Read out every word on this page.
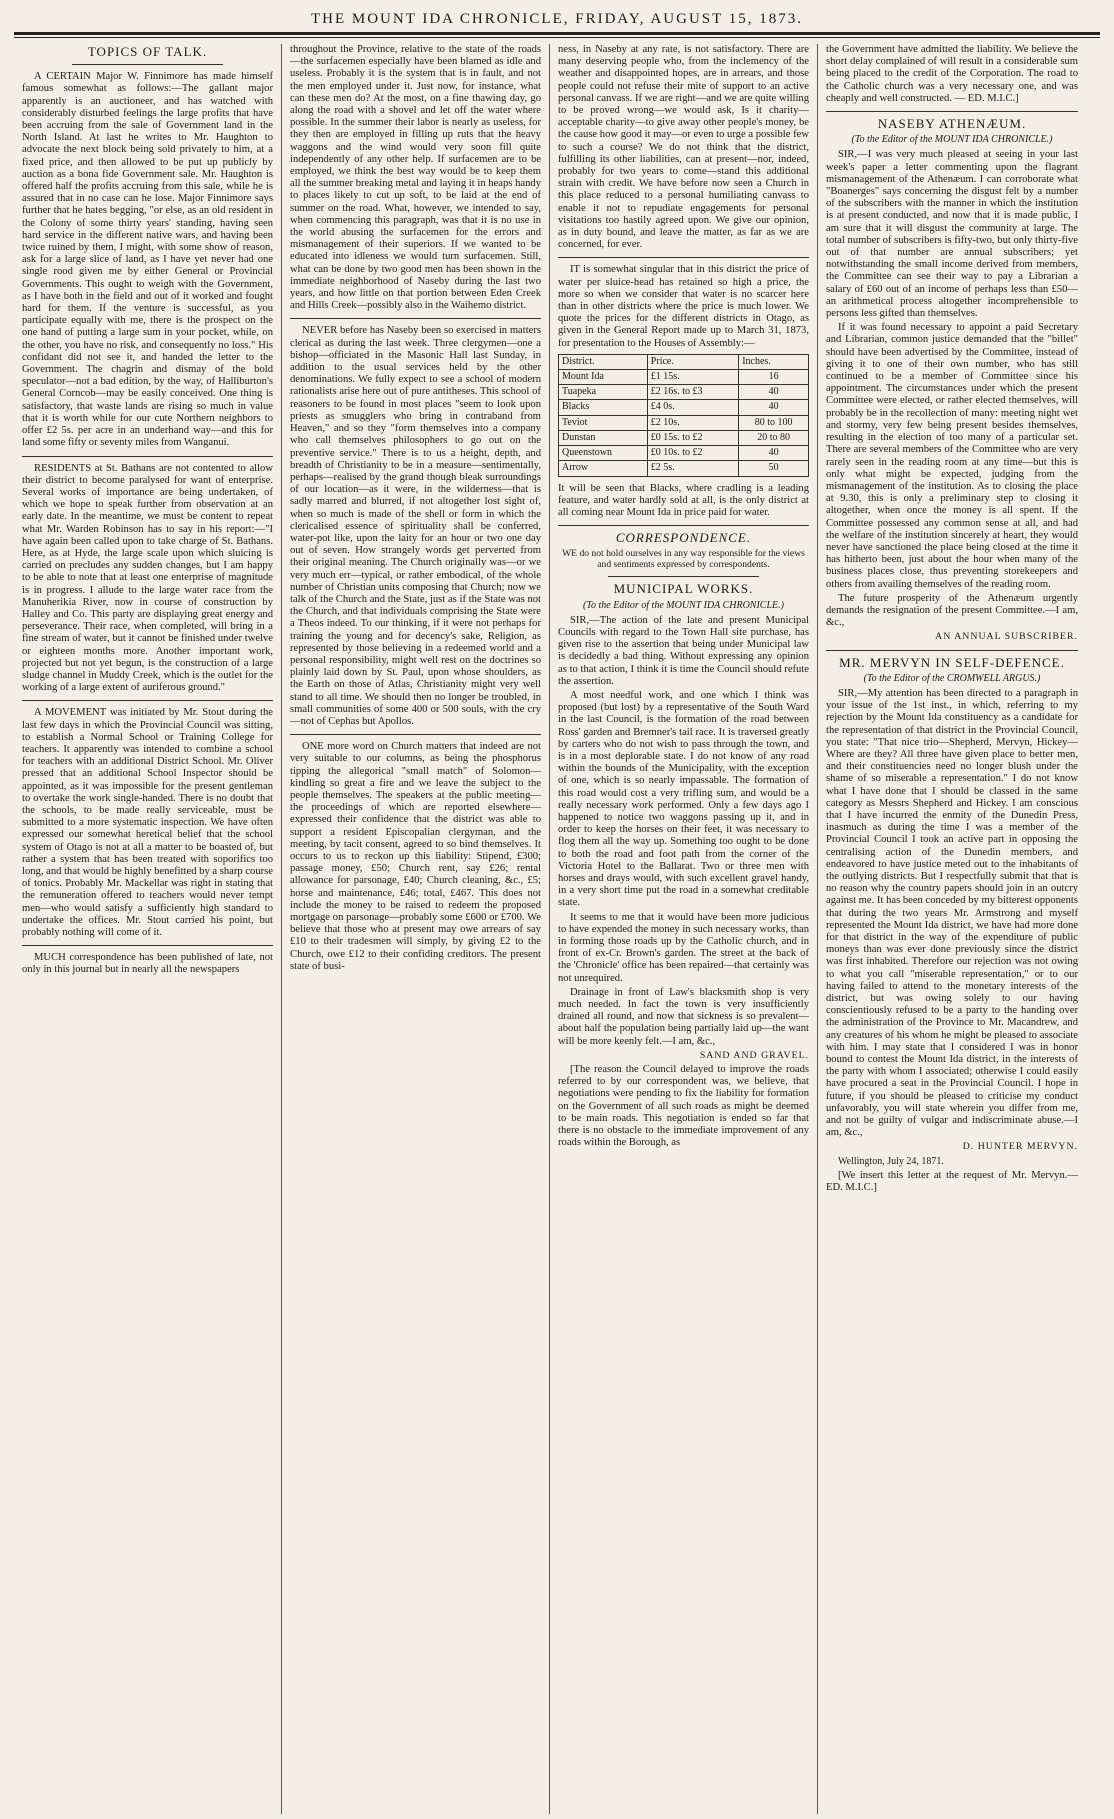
THE MOUNT IDA CHRONICLE, FRIDAY, AUGUST 15, 1873.
TOPICS OF TALK.

A CERTAIN Major W. Finnimore has made himself famous somewhat as follows:—The gallant major apparently is an auctioneer, and has watched with considerably disturbed feelings the large profits that have been accruing from the sale of Government land in the North Island. At last he writes to Mr. Haughton to advocate the next block being sold privately to him, at a fixed price, and then allowed to be put up publicly by auction as a bona fide Government sale. Mr. Haughton is offered half the profits accruing from this sale, while he is assured that in no case can he lose. Major Finnimore says further that he hates begging, "or else, as an old resident in the Colony of some thirty years' standing, having seen hard service in the different native wars, and having been twice ruined by them, I might, with some show of reason, ask for a large slice of land, as I have yet never had one single rood given me by either General or Provincial Governments. This ought to weigh with the Government, as I have both in the field and out of it worked and fought hard for them. If the venture is successful, as you participate equally with me, there is the prospect on the one hand of putting a large sum in your pocket, while, on the other, you have no risk, and consequently no loss." His confidant did not see it, and handed the letter to the Government. The chagrin and dismay of the bold speculator—not a bad edition, by the way, of Halliburton's General Corncob—may be easily conceived. One thing is satisfactory, that waste lands are rising so much in value that it is worth while for our cute Northern neighbors to offer £2 5s. per acre in an underhand way—and this for land some fifty or seventy miles from Wanganui.

RESIDENTS at St. Bathans are not contented to allow their district to become paralysed for want of enterprise. Several works of importance are being undertaken, of which we hope to speak further from observation at an early date. In the meantime, we must be content to repeat what Mr. Warden Robinson has to say in his report:—"I have again been called upon to take charge of St. Bathans. Here, as at Hyde, the large scale upon which sluicing is carried on precludes any sudden changes, but I am happy to be able to note that at least one enterprise of magnitude is in progress. I allude to the large water race from the Manuherikia River, now in course of construction by Halley and Co. This party are displaying great energy and perseverance. Their race, when completed, will bring in a fine stream of water, but it cannot be finished under twelve or eighteen months more. Another important work, projected but not yet begun, is the construction of a large sludge channel in Muddy Creek, which is the outlet for the working of a large extent of auriferous ground."

A MOVEMENT was initiated by Mr. Stout during the last few days in which the Provincial Council was sitting, to establish a Normal School or Training College for teachers. It apparently was intended to combine a school for teachers with an additional District School. Mr. Oliver pressed that an additional School Inspector should be appointed, as it was impossible for the present gentleman to overtake the work single-handed. There is no doubt that the schools, to be made really serviceable, must be submitted to a more systematic inspection. We have often expressed our somewhat heretical belief that the school system of Otago is not at all a matter to be boasted of, but rather a system that has been treated with soporifics too long, and that would be highly benefitted by a sharp course of tonics. Probably Mr. Mackellar was right in stating that the remuneration offered to teachers would never tempt men—who would satisfy a sufficiently high standard to undertake the offices. Mr. Stout carried his point, but probably nothing will come of it.

MUCH correspondence has been published of late, not only in this journal but in nearly all the newspapers

throughout the Province, relative to the state of the roads—the surfacemen especially have been blamed as idle and useless. Probably it is the system that is in fault, and not the men employed under it. Just now, for instance, what can these men do? At the most, on a fine thawing day, go along the road with a shovel and let off the water where possible. In the summer their labor is nearly as useless, for they then are employed in filling up ruts that the heavy waggons and the wind would very soon fill quite independently of any other help. If surfacemen are to be employed, we think the best way would be to keep them all the summer breaking metal and laying it in heaps handy to places likely to cut up soft, to be laid at the end of summer on the road. What, however, we intended to say, when commencing this paragraph, was that it is no use in the world abusing the surfacemen for the errors and mismanagement of their superiors. If we wanted to be educated into idleness we would turn surfacemen. Still, what can be done by two good men has been shown in the immediate neighborhood of Naseby during the last two years, and how little on that portion between Eden Creek and Hills Creek—possibly also in the Waihemo district.

NEVER before has Naseby been so exercised in matters clerical as during the last week. Three clergymen—one a bishop—officiated in the Masonic Hall last Sunday, in addition to the usual services held by the other denominations. We fully expect to see a school of modern rationalists arise here out of pure antitheses. This school of reasoners to be found in most places "seem to look upon priests as smugglers who bring in contraband from Heaven," and so they "form themselves into a company who call themselves philosophers to go out on the preventive service." There is to us a height, depth, and breadth of Christianity to be in a measure—sentimentally, perhaps—realised by the grand though bleak surroundings of our location—as it were, in the wilderness—that is sadly marred and blurred, if not altogether lost sight of, when so much is made of the shell or form in which the clericalised essence of spirituality shall be conferred, water-pot like, upon the laity for an hour or two one day out of seven. How strangely words get perverted from their original meaning. The Church originally was—or we very much err—typical, or rather embodical, of the whole number of Christian units composing that Church; now we talk of the Church and the State, just as if the State was not the Church, and that individuals comprising the State were a Theos indeed. To our thinking, if it were not perhaps for training the young and for decency's sake, Religion, as represented by those believing in a redeemed world and a personal responsibility, might well rest on the doctrines so plainly laid down by St. Paul, upon whose shoulders, as the Earth on those of Atlas, Christianity might very well stand to all time. We should then no longer be troubled, in small communities of some 400 or 500 souls, with the cry—not of Cephas but Apollos.

ONE more word on Church matters that indeed are not very suitable to our columns, as being the phosphorus tipping the allegorical "small match" of Solomon—kindling so great a fire and we leave the subject to the people themselves. The speakers at the public meeting—the proceedings of which are reported elsewhere—expressed their confidence that the district was able to support a resident Episcopalian clergyman, and the meeting, by tacit consent, agreed to so bind themselves. It occurs to us to reckon up this liability: Stipend, £300; passage money, £50; Church rent, say £26; rental allowance for parsonage, £40; Church cleaning, &c., £5; horse and maintenance, £46; total, £467. This does not include the money to be raised to redeem the proposed mortgage on parsonage—probably some £600 or £700. We believe that those who at present may owe arrears of say £10 to their tradesmen will simply, by giving £2 to the Church, owe £12 to their confiding creditors. The present state of busi-

ness, in Naseby at any rate, is not satisfactory. There are many deserving people who, from the inclemency of the weather and disappointed hopes, are in arrears, and those people could not refuse their mite of support to an active personal canvass. If we are right—and we are quite willing to be proved wrong—we would ask, Is it charity—acceptable charity—to give away other people's money, be the cause how good it may—or even to urge a possible few to such a course? We do not think that the district, fulfilling its other liabilities, can at present—nor, indeed, probably for two years to come—stand this additional strain with credit. We have before now seen a Church in this place reduced to a personal humiliating canvass to enable it not to repudiate engagements for personal visitations too hastily agreed upon. We give our opinion, as in duty bound, and leave the matter, as far as we are concerned, for ever.

IT is somewhat singular that in this district the price of water per sluice-head has retained so high a price, the more so when we consider that water is no scarcer here than in other districts where the price is much lower. We quote the prices for the different districts in Otago, as given in the General Report made up to March 31, 1873, for presentation to the Houses of Assembly:—

District.	Price.	Inches.
Mount Ida	£1 15s.	16
Tuapeka	£2 16s. to £3	40
Blacks	£4 0s.	40
Teviot	£2 10s.	80 to 100
Dunstan	£0 15s. to £2	20 to 80
Queenstown	£0 10s. to £2	40
Arrow	£2 5s.	50

It will be seen that Blacks, where cradling is a leading feature, and water hardly sold at all, is the only district at all coming near Mount Ida in price paid for water.

CORRESPONDENCE.
WE do not hold ourselves in any way responsible for the views and sentiments expressed by correspondents.
MUNICIPAL WORKS.
(To the Editor of the MOUNT IDA CHRONICLE.)

SIR,—The action of the late and present Municipal Councils with regard to the Town Hall site purchase, has given rise to the assertion that being under Municipal law is decidedly a bad thing. Without expressing any opinion as to that action, I think it is time the Council should refute the assertion.

A most needful work, and one which I think was proposed (but lost) by a representative of the South Ward in the last Council, is the formation of the road between Ross' garden and Bremner's tail race. It is traversed greatly by carters who do not wish to pass through the town, and is in a most deplorable state. I do not know of any road within the bounds of the Municipality, with the exception of one, which is so nearly impassable. The formation of this road would cost a very trifling sum, and would be a really necessary work performed. Only a few days ago I happened to notice two waggons passing up it, and in order to keep the horses on their feet, it was necessary to flog them all the way up. Something too ought to be done to both the road and foot path from the corner of the Victoria Hotel to the Ballarat. Two or three men with horses and drays would, with such excellent gravel handy, in a very short time put the road in a somewhat creditable state.

It seems to me that it would have been more judicious to have expended the money in such necessary works, than in forming those roads up by the Catholic church, and in front of ex-Cr. Brown's garden. The street at the back of the 'Chronicle' office has been repaired—that certainly was not unrequired.

Drainage in front of Law's blacksmith shop is very much needed. In fact the town is very insufficiently drained all round, and now that sickness is so prevalent—about half the population being partially laid up—the want will be more keenly felt.—I am, &c.,

SAND AND GRAVEL.

[The reason the Council delayed to improve the roads referred to by our correspondent was, we believe, that negotiations were pending to fix the liability for formation on the Government of all such roads as might be deemed to be main roads. This negotiation is ended so far that there is no obstacle to the immediate improvement of any roads within the Borough, as

the Government have admitted the liability. We believe the short delay complained of will result in a considerable sum being placed to the credit of the Corporation. The road to the Catholic church was a very necessary one, and was cheaply and well constructed. — ED. M.I.C.]

NASEBY ATHENÆUM.
(To the Editor of the MOUNT IDA CHRONICLE.)

SIR,—I was very much pleased at seeing in your last week's paper a letter commenting upon the flagrant mismanagement of the Athenæum. I can corroborate what "Boanerges" says concerning the disgust felt by a number of the subscribers with the manner in which the institution is at present conducted, and now that it is made public, I am sure that it will disgust the community at large. The total number of subscribers is fifty-two, but only thirty-five out of that number are annual subscribers; yet notwithstanding the small income derived from members, the Committee can see their way to pay a Librarian a salary of £60 out of an income of perhaps less than £50—an arithmetical process altogether incomprehensible to persons less gifted than themselves.

If it was found necessary to appoint a paid Secretary and Librarian, common justice demanded that the "billet" should have been advertised by the Committee, instead of giving it to one of their own number, who has still continued to be a member of Committee since his appointment. The circumstances under which the present Committee were elected, or rather elected themselves, will probably be in the recollection of many: meeting night wet and stormy, very few being present besides themselves, resulting in the election of too many of a particular set. There are several members of the Committee who are very rarely seen in the reading room at any time—but this is only what might be expected, judging from the mismanagement of the institution. As to closing the place at 9.30, this is only a preliminary step to closing it altogether, when once the money is all spent. If the Committee possessed any common sense at all, and had the welfare of the institution sincerely at heart, they would never have sanctioned the place being closed at the time it has hitherto been, just about the hour when many of the business places close, thus preventing storekeepers and others from availing themselves of the reading room.

The future prosperity of the Athenæum urgently demands the resignation of the present Committee.—I am, &c.,

AN ANNUAL SUBSCRIBER.
MR. MERVYN IN SELF-DEFENCE.
(To the Editor of the CROMWELL ARGUS.)

SIR,—My attention has been directed to a paragraph in your issue of the 1st inst., in which, referring to my rejection by the Mount Ida constituency as a candidate for the representation of that district in the Provincial Council, you state: "That nice trio—Shepherd, Mervyn, Hickey—Where are they? All three have given place to better men, and their constituencies need no longer blush under the shame of so miserable a representation." I do not know what I have done that I should be classed in the same category as Messrs Shepherd and Hickey. I am conscious that I have incurred the enmity of the Dunedin Press, inasmuch as during the time I was a member of the Provincial Council I took an active part in opposing the centralising action of the Dunedin members, and endeavored to have justice meted out to the inhabitants of the outlying districts. But I respectfully submit that that is no reason why the country papers should join in an outcry against me. It has been conceded by my bitterest opponents that during the two years Mr. Armstrong and myself represented the Mount Ida district, we have had more done for that district in the way of the expenditure of public moneys than was ever done previously since the district was first inhabited. Therefore our rejection was not owing to what you call "miserable representation," or to our having failed to attend to the monetary interests of the district, but was owing solely to our having conscientiously refused to be a party to the handing over the administration of the Province to Mr. Macandrew, and any creatures of his whom he might be pleased to associate with him. I may state that I considered I was in honor bound to contest the Mount Ida district, in the interests of the party with whom I associated; otherwise I could easily have procured a seat in the Provincial Council. I hope in future, if you should be pleased to criticise my conduct unfavorably, you will state wherein you differ from me, and not be guilty of vulgar and indiscriminate abuse.—I am, &c.,

D. HUNTER MERVYN.

Wellington, July 24, 1871.

[We insert this letter at the request of Mr. Mervyn.—ED. M.I.C.]
